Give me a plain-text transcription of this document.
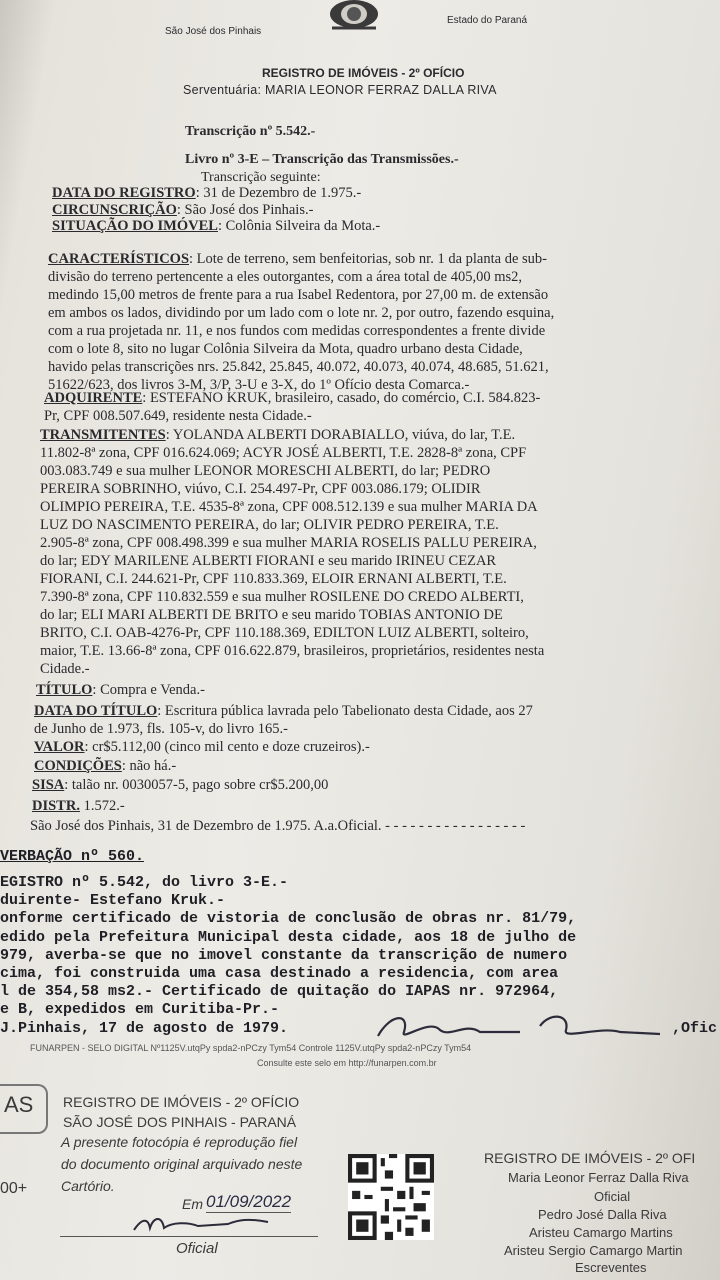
São José dos Pinhais
Estado do Paraná
REGISTRO DE IMÓVEIS - 2º OFÍCIO
Serventuária: MARIA LEONOR FERRAZ DALLA RIVA
Transcrição nº 5.542.-
Livro nº 3-E – Transcrição das Transmissões.-
Transcrição seguinte:
DATA DO REGISTRO: 31 de Dezembro de 1.975.-
CIRCUNSCRIÇÃO: São José dos Pinhais.-
SITUAÇÃO DO IMÓVEL: Colônia Silveira da Mota.-
CARACTERÍSTICOS: Lote de terreno, sem benfeitorias, sob nr. 1 da planta de sub-
divisão do terreno pertencente a eles outorgantes, com a área total de 405,00 ms2,
medindo 15,00 metros de frente para a rua Isabel Redentora, por 27,00 m. de extensão
em ambos os lados, dividindo por um lado com o lote nr. 2, por outro, fazendo esquina,
com a rua projetada nr. 11, e nos fundos com medidas correspondentes a frente divide
com o lote 8, sito no lugar Colônia Silveira da Mota, quadro urbano desta Cidade,
havido pelas transcrições nrs. 25.842, 25.845, 40.072, 40.073, 40.074, 48.685, 51.621,
51622/623, dos livros 3-M, 3/P, 3-U e 3-X, do 1º Ofício desta Comarca.-
ADQUIRENTE: ESTEFANO KRUK, brasileiro, casado, do comércio, C.I. 584.823-
Pr, CPF 008.507.649, residente nesta Cidade.-
TRANSMITENTES: YOLANDA ALBERTI DORABIALLO, viúva, do lar, T.E.
11.802-8ª zona, CPF 016.624.069; ACYR JOSÉ ALBERTI, T.E. 2828-8ª zona, CPF
003.083.749 e sua mulher LEONOR MORESCHI ALBERTI, do lar; PEDRO
PEREIRA SOBRINHO, viúvo, C.I. 254.497-Pr, CPF 003.086.179; OLIDIR
OLIMPIO PEREIRA, T.E. 4535-8ª zona, CPF 008.512.139 e sua mulher MARIA DA
LUZ DO NASCIMENTO PEREIRA, do lar; OLIVIR PEDRO PEREIRA, T.E.
2.905-8ª zona, CPF 008.498.399 e sua mulher MARIA ROSELIS PALLU PEREIRA,
do lar; EDY MARILENE ALBERTI FIORANI e seu marido IRINEU CEZAR
FIORANI, C.I. 244.621-Pr, CPF 110.833.369, ELOIR ERNANI ALBERTI, T.E.
7.390-8ª zona, CPF 110.832.559 e sua mulher ROSILENE DO CREDO ALBERTI,
do lar; ELI MARI ALBERTI DE BRITO e seu marido TOBIAS ANTONIO DE
BRITO, C.I. OAB-4276-Pr, CPF 110.188.369, EDILTON LUIZ ALBERTI, solteiro,
maior, T.E. 13.66-8ª zona, CPF 016.622.879, brasileiros, proprietários, residentes nesta
Cidade.-
TÍTULO: Compra e Venda.-
DATA DO TÍTULO: Escritura pública lavrada pelo Tabelionato desta Cidade, aos 27
de Junho de 1.973, fls. 105-v, do livro 165.-
VALOR: cr$5.112,00 (cinco mil cento e doze cruzeiros).-
CONDIÇÕES: não há.-
SISA: talão nr. 0030057-5, pago sobre cr$5.200,00
DISTR. 1.572.-
São José dos Pinhais, 31 de Dezembro de 1.975. A.a.Oficial. - - - - - - - - - - - - - - - - -
VERBAÇÃO nº 560.
EGISTRO nº 5.542, do livro 3-E.-
duirente- Estefano Kruk.-
onforme certificado de vistoria de conclusão de obras nr. 81/79,
edido pela Prefeitura Municipal desta cidade, aos 18 de julho de
979, averba-se que no imovel constante da transcrição de numero
cima, foi construida uma casa destinado a residencia, com area
l de 354,58 ms2.- Certificado de quitação do IAPAS nr. 972964,
e B, expedidos em Curitiba-Pr.-
J.Pinhais, 17 de agosto de 1979.	,Ofic
FUNARPEN - SELO DIGITAL Nº1125V.utqPy spda2-nPCzy Tym54 Controle 1125V.utqPy spda2-nPCzy Tym54
Consulte este selo em http://funarpen.com.br
AS
00+
REGISTRO DE IMÓVEIS - 2º OFÍCIO
SÃO JOSÉ DOS PINHAIS - PARANÁ
A presente fotocópia é reprodução fiel
do documento original arquivado neste
Cartório.
Em 01/09/2022
Oficial
REGISTRO DE IMÓVEIS - 2º OFI
Maria Leonor Ferraz Dalla Riva
Oficial
Pedro José Dalla Riva
Aristeu Camargo Martins
Aristeu Sergio Camargo Martin
Escreventes
